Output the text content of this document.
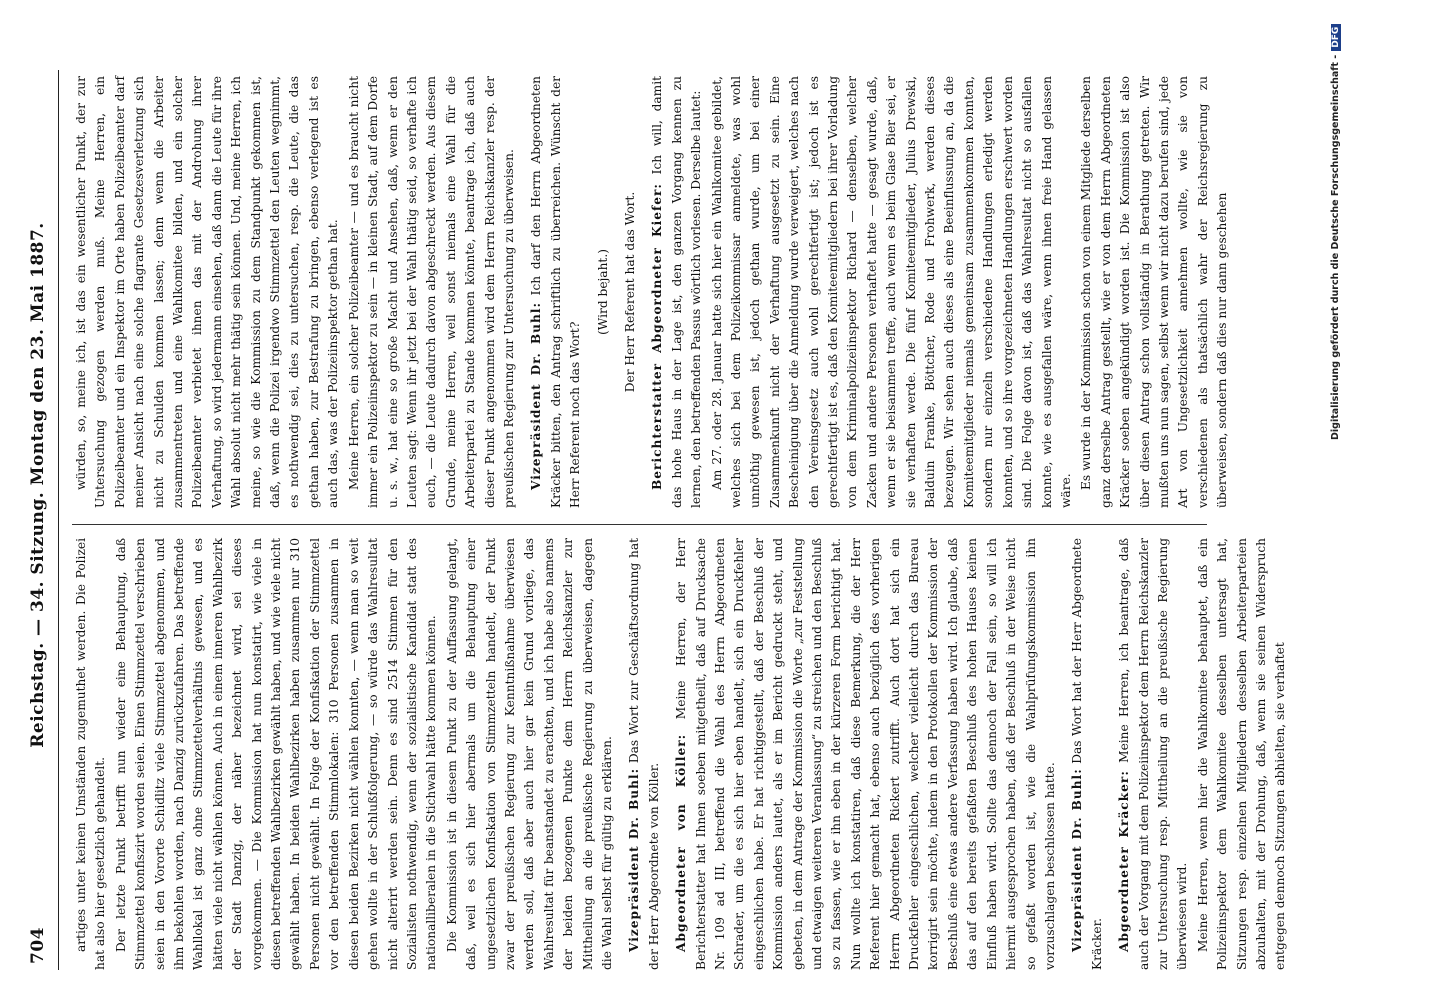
704
Reichstag. — 34. Sitzung. Montag den 23. Mai 1887. artiges unter keinen Umständen zugemuthet werden. Die Polizei hat also hier gesetzlich gehandelt. Der letzte Punkt betrifft nun wieder eine Behauptung, daß Stimmzettel konfiszirt worden seien. Einen Stimmzettel verschrieben seien in den Vororte Schidlitz viele Stimmzettel abgenommen, und ihm bekohlen worden, nach Danzig zurückzufahren. Das betreffende Wahllokal ist ganz ohne Stimmzettelverhältnis gewesen, und es hätten viele nicht wählen können. Auch in einem inneren Wahlbezirk der Stadt Danzig, der näher bezeichnet wird, sei dieses vorgekommen. — Die Kommission hat nun konstatirt, wie viele in diesen betreffenden Wahlbezirken gewählt haben, und wie viele nicht gewählt haben. In beiden Wahlbezirken haben zusammen nur 310 Personen nicht gewählt. In Folge der Konfiskation der Stimmzettel vor den betreffenden Stimmlokalen: 310 Personen zusammen in diesen beiden Bezirken nicht wählen konnten, — wenn man so weit gehen wollte in der Schlußfolgerung, — so würde das Wahlresultat nicht alterirt werden sein. Denn es sind 2514 Stimmen für den Sozialisten nothwendig, wenn der sozialistische Kandidat statt des nationalliberalen in die Stichwahl hätte kommen können. Die Kommission ist in diesem Punkt zu der Auffassung gelangt, daß, weil es sich hier abermals um die Behauptung einer ungesetzlichen Konfiskation von Stimmzetteln handelt, der Punkt zwar der preußischen Regierung zur Kenntnißnahme überwiesen werden soll, daß aber auch hier gar kein Grund vorliege, das Wahlresultat für beanstandet zu erachten, und ich habe also namens der beiden bezogenen Punkte dem Herrn Reichskanzler zur Mittheilung an die preußische Regierung zu überweisen, dagegen die Wahl selbst für gültig zu erklären. Vizepräsident Dr. Buhl: Das Wort zur Geschäftsordnung hat der Herr Abgeordnete von Köller. Abgeordneter von Köller: Meine Herren, der Herr Berichterstatter hat Ihnen soeben mitgetheilt, daß auf Drucksache Nr. 109 ad III, betreffend die Wahl des Herrn Abgeordneten Schrader, um die es sich hier eben handelt, sich ein Druckfehler eingeschlichen habe. Er hat richtiggestellt, daß der Beschluß der Kommission anders lautet, als er im Bericht gedruckt steht, und gebeten, in dem Antrage der Kommission die Worte „zur Feststellung und etwaigen weiteren Veranlassung“ zu streichen und den Beschluß so zu fassen, wie er ihn eben in der kürzeren Form berichtigt hat. Nun wollte ich konstatiren, daß diese Bemerkung, die der Herr Referent hier gemacht hat, ebenso auch bezüglich des vorherigen Herrn Abgeordneten Rickert zutrifft. Auch dort hat sich ein Druckfehler eingeschlichen, welcher vielleicht durch das Bureau korrigirt sein möchte, indem in den Protokollen der Kommission der Beschluß eine etwas andere Verfassung haben wird. Ich glaube, daß das auf den bereits gefaßten Beschluß des hohen Hauses keinen Einfluß haben wird. Sollte das dennoch der Fall sein, so will ich hiermit ausgesprochen haben, daß der Beschluß in der Weise nicht so gefaßt worden ist, wie die Wahlprüfungskommission ihn vorzuschlagen beschlossen hatte. Vizepräsident Dr. Buhl: Das Wort hat der Herr Abgeordnete Kräcker. Abgeordneter Kräcker: Meine Herren, ich beantrage, daß auch der Vorgang mit dem Polizeiinspektor dem Herrn Reichskanzler zur Untersuchung resp. Mittheilung an die preußische Regierung überwiesen wird. Meine Herren, wenn hier die Wahlkomitee behauptet, daß ein Polizeiinspektor dem Wahlkomitee desselben untersagt hat, Sitzungen resp. einzelnen Mitgliedern desselben Arbeiterparteien abzuhalten, mit der Drohung, daß, wenn sie seinen Widerspruch entgegen dennoch Sitzungen abhielten, sie verhaftet

würden, so, meine ich, ist das ein wesentlicher Punkt, der zur Untersuchung gezogen werden muß. Meine Herren, ein Polizeibeamter und ein Inspektor im Orte haben Polizeibeamter darf meiner Ansicht nach eine solche flagrante Gesetzesverletzung sich nicht zu Schulden kommen lassen; denn wenn die Arbeiter zusammentreten und eine Wahlkomitee bilden, und ein solcher Polizeibeamter verbietet ihnen das mit der Androhung ihrer Verhaftung, so wird jedermann einsehen, daß dann die Leute für ihre Wahl absolut nicht mehr thätig sein können. Und, meine Herren, ich meine, so wie die Kommission zu dem Standpunkt gekommen ist, daß, wenn die Polizei irgendwo Stimmzettel den Leuten wegnimmt, es nothwendig sei, dies zu untersuchen, resp. die Leute, die das gethan haben, zur Bestrafung zu bringen, ebenso verlegend ist es auch das, was der Polizeiinspektor gethan hat. Meine Herren, ein solcher Polizeibeamter — und es braucht nicht immer ein Polizeiinspektor zu sein — in kleinen Stadt, auf dem Dorfe u. s. w., hat eine so große Macht und Ansehen, daß, wenn er den Leuten sagt: Wenn ihr jetzt bei der Wahl thätig seid, so verhafte ich euch, — die Leute dadurch davon abgeschreckt werden. Aus diesem Grunde, meine Herren, weil sonst niemals eine Wahl für die Arbeiterpartei zu Stande kommen könnte, beantrage ich, daß auch dieser Punkt angenommen wird dem Herrn Reichskanzler resp. der preußischen Regierung zur Untersuchung zu überweisen. Vizepräsident Dr. Buhl: Ich darf den Herrn Abgeordneten Kräcker bitten, den Antrag schriftlich zu überreichen. Wünscht der Herr Referent noch das Wort?

(Wird bejaht.) Der Herr Referent hat das Wort. Berichterstatter Abgeordneter Kiefer: Ich will, damit das hohe Haus in der Lage ist, den ganzen Vorgang kennen zu lernen, den betreffenden Passus wörtlich vorlesen. Derselbe lautet: Am 27. oder 28. Januar hatte sich hier ein Wahlkomitee gebildet, welches sich bei dem Polizeikommissar anmeldete, was wohl unnöthig gewesen ist, jedoch gethan wurde, um bei einer Zusammenkunft nicht der Verhaftung ausgesetzt zu sein. Eine Bescheinigung über die Anmeldung wurde verweigert, welches nach den Vereinsgesetz auch wohl gerechtfertigt ist; jedoch ist es gerechtfertigt ist es, daß den Komiteemitgliedern bei ihrer Vorladung von dem Kriminalpolizeiinspektor Richard — denselben, welcher Zacken und andere Personen verhaftet hatte — gesagt wurde, daß, wenn er sie beisammen treffe, auch wenn es beim Glase Bier sei, er sie verhaften werde. Die fünf Komiteemitglieder, Julius Drewski, Balduin Franke, Böttcher, Rode und Frohwerk, werden dieses bezeugen. Wir sehen auch dieses als eine Beeinflussung an, da die Komiteemitglieder niemals gemeinsam zusammenkommen konnten, sondern nur einzeln verschiedene Handlungen erledigt werden konnten, und so ihre vorgezeichneten Handlungen erschwert worden sind. Die Folge davon ist, daß das Wahlresultat nicht so ausfallen konnte, wie es ausgefallen wäre, wenn ihnen freie Hand gelassen wäre.

Es wurde in der Kommission schon von einem Mitgliede derselben ganz derselbe Antrag gestellt, wie er von dem Herrn Abgeordneten Kräcker soeben angekündigt worden ist. Die Kommission ist also über diesen Antrag schon vollständig in Berathung getreten. Wir mußten uns nun sagen, selbst wenn wir nicht dazu berufen sind, jede Art von Ungesetzlichkeit annehmen wollte, wie sie von verschiedenen als thatsächlich wahr der Reichsregierung zu überweisen, sondern daß dies nur dann geschehen	Digitalisierung gefördert durch die Deutsche Forschungsgemeinschaft -DFG
